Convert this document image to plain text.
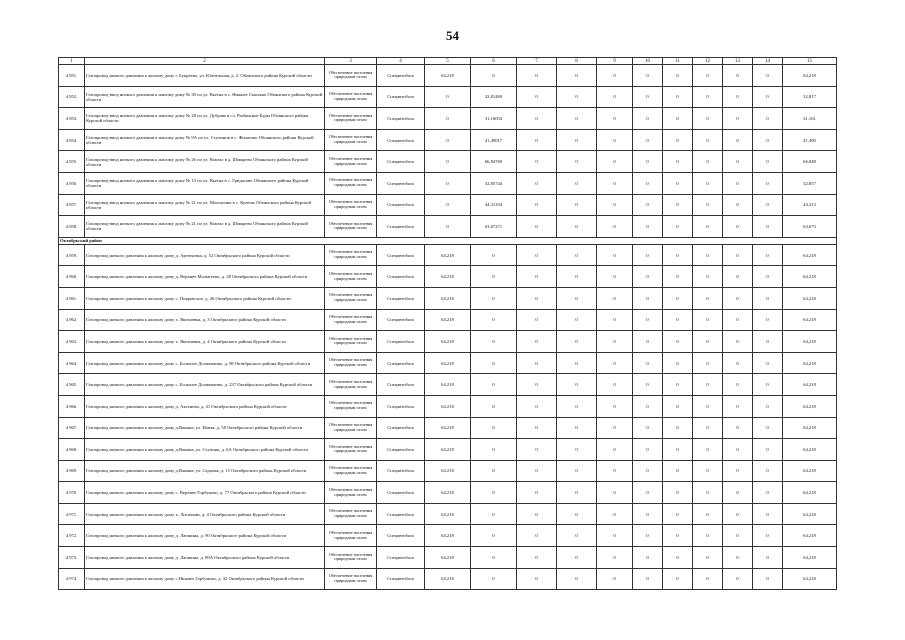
54
1	2	3	4	5	6	7	8	9	10	11	12	13	14	15
4.951.	Газопровод низкого давления к жилому дому г. Букреево, ул. Южзельная, д. 2. Обоянского района Курской области	Обеспечение населения природным газом	Спецавтобаза	64,218	0	0	0	0	0	0	0	0	0	64,218
4.952.	Газопровод-ввод низкого давления к жилому дому № 39 по ул. Вьетна в с. Нижнее Смоляно Обоянского района Курской области	Обеспечение населения природным газом	Спецавтобаза	0	32,81469	0	0	0	0	0	0	0	0	32,817
4.953.	Газопровод-ввод низкого давления к жилому дому № 28 по ул. Дубрава в сл. Рыбинские Буды Обоянского района Курской области	Обеспечение населения природным газом	Спецавтобаза	0	31,16054	0	0	0	0	0	0	0	0	31,161
4.954.	Газопровод-ввод низкого давления к жилому дому № 9А по ул. Ступинов в с. Филатово Обоянского района Курской области	Обеспечение населения природным газом	Спецавтобаза	0	41,49017	0	0	0	0	0	0	0	0	41,490
4.955.	Газопровод-ввод низкого давления к жилому дому № 26 по ул. Вокзал в д. Шмырево Обоянского района Курской области	Обеспечение населения природным газом	Спецавтобаза	0	66,84769	0	0	0	0	0	0	0	0	66,848
4.956.	Газопровод-ввод низкого давления к жилому дому № 13 по ул. Вьетна в с. Гридасово Обоянского района Курской области	Обеспечение населения природным газом	Спецавтобаза	0	32,85744	0	0	0	0	0	0	0	0	32,857
4.957.	Газопровод-ввод низкого давления к жилому дому № 21 по ул. Молчагина в с. Кулешь Обоянского района Курской области	Обеспечение населения природным газом	Спецавтобаза	0	44,31254	0	0	0	0	0	0	0	0	44,313
4.958.	Газопровод-ввод низкого давления к жилому дому № 21 по ул. Вокзал в д. Шмырево Обоянского района Курской области	Обеспечение населения природным газом	Спецавтобаза	0	63,67271	0	0	0	0	0	0	0	0	63,673
Октябрьский район														
4.959.	Газопровод низкого давления к жилому дому д. Артюховка, д. 52 Октябрьского района Курской области	Обеспечение населения природным газом	Спецавтобаза	64,218	0	0	0	0	0	0	0	0	0	64,218
4.960.	Газопровод низкого давления к жилому дому д. Верхнее Малыгеево, д. 28 Октябрьского района Курской области	Обеспечение населения природным газом	Спецавтобаза	64,218	0	0	0	0	0	0	0	0	0	64,218
4.961.	Газопровод низкого давления к жилому дому с. Покровское, д. 26 Октябрьского района Курской области	Обеспечение населения природным газом	Спецавтобаза	64,218	0	0	0	0	0	0	0	0	0	64,218
4.962.	Газопровод низкого давления к жилому дому х. Яковлевка, д. 3 Октябрьского района Курской области	Обеспечение населения природным газом	Спецавтобаза	64,218	0	0	0	0	0	0	0	0	0	64,218
4.963.	Газопровод низкого давления к жилому дому х. Яковлевка, д. 4 Октябрьского района Курской области	Обеспечение населения природным газом	Спецавтобаза	64,218	0	0	0	0	0	0	0	0	0	64,218
4.964.	Газопровод низкого давления к жилому дому с. Большое Долженково, д. 98 Октябрьского района Курской области	Обеспечение населения природным газом	Спецавтобаза	64,218	0	0	0	0	0	0	0	0	0	64,218
4.965.	Газопровод низкого давления к жилому дому с. Большое Долженково, д. 237 Октябрьского района Курской области	Обеспечение населения природным газом	Спецавтобаза	64,218	0	0	0	0	0	0	0	0	0	64,218
4.966.	Газопровод низкого давления к жилому дому д. Аксенова, д. 41 Октябрьского района Курской области	Обеспечение населения природным газом	Спецавтобаза	64,218	0	0	0	0	0	0	0	0	0	64,218
4.967.	Газопровод низкого давления к жилому дому д.Ванина, ул. Новая, д. 58 Октябрьского района Курской области	Обеспечение населения природным газом	Спецавтобаза	64,218	0	0	0	0	0	0	0	0	0	64,218
4.968.	Газопровод низкого давления к жилому дому д.Ванина, ул. Ступина, д. 6А Октябрьского района Курской области	Обеспечение населения природным газом	Спецавтобаза	64,218	0	0	0	0	0	0	0	0	0	64,218
4.969.	Газопровод низкого давления к жилому дому д.Ванина, ул. Садовая, д. 15 Октябрьского района Курской области	Обеспечение населения природным газом	Спецавтобаза	64,218	0	0	0	0	0	0	0	0	0	64,218
4.970.	Газопровод низкого давления к жилому дому с. Верхнее Горбуново, д. 77 Октябрьского района Курской области	Обеспечение населения природным газом	Спецавтобаза	64,218	0	0	0	0	0	0	0	0	0	64,218
4.971.	Газопровод низкого давления к жилому дому х. Лисичкин, д. 4 Октябрьского района Курской области	Обеспечение населения природным газом	Спецавтобаза	64,218	0	0	0	0	0	0	0	0	0	64,218
4.972.	Газопровод низкого давления к жилому дому д. Лапшина, д. 90 Октябрьского района Курской области	Обеспечение населения природным газом	Спецавтобаза	64,218	0	0	0	0	0	0	0	0	0	64,218
4.973.	Газопровод низкого давления к жилому дому д. Лапшина, д. 89А Октябрьского района Курской области	Обеспечение населения природным газом	Спецавтобаза	64,218	0	0	0	0	0	0	0	0	0	64,218
4.974.	Газопровод низкого давления к жилому дому с.Нижнее Горбуново, д. 32 Октябрьского района Курской области	Обеспечение населения природным газом	Спецавтобаза	64,218	0	0	0	0	0	0	0	0	0	64,218
